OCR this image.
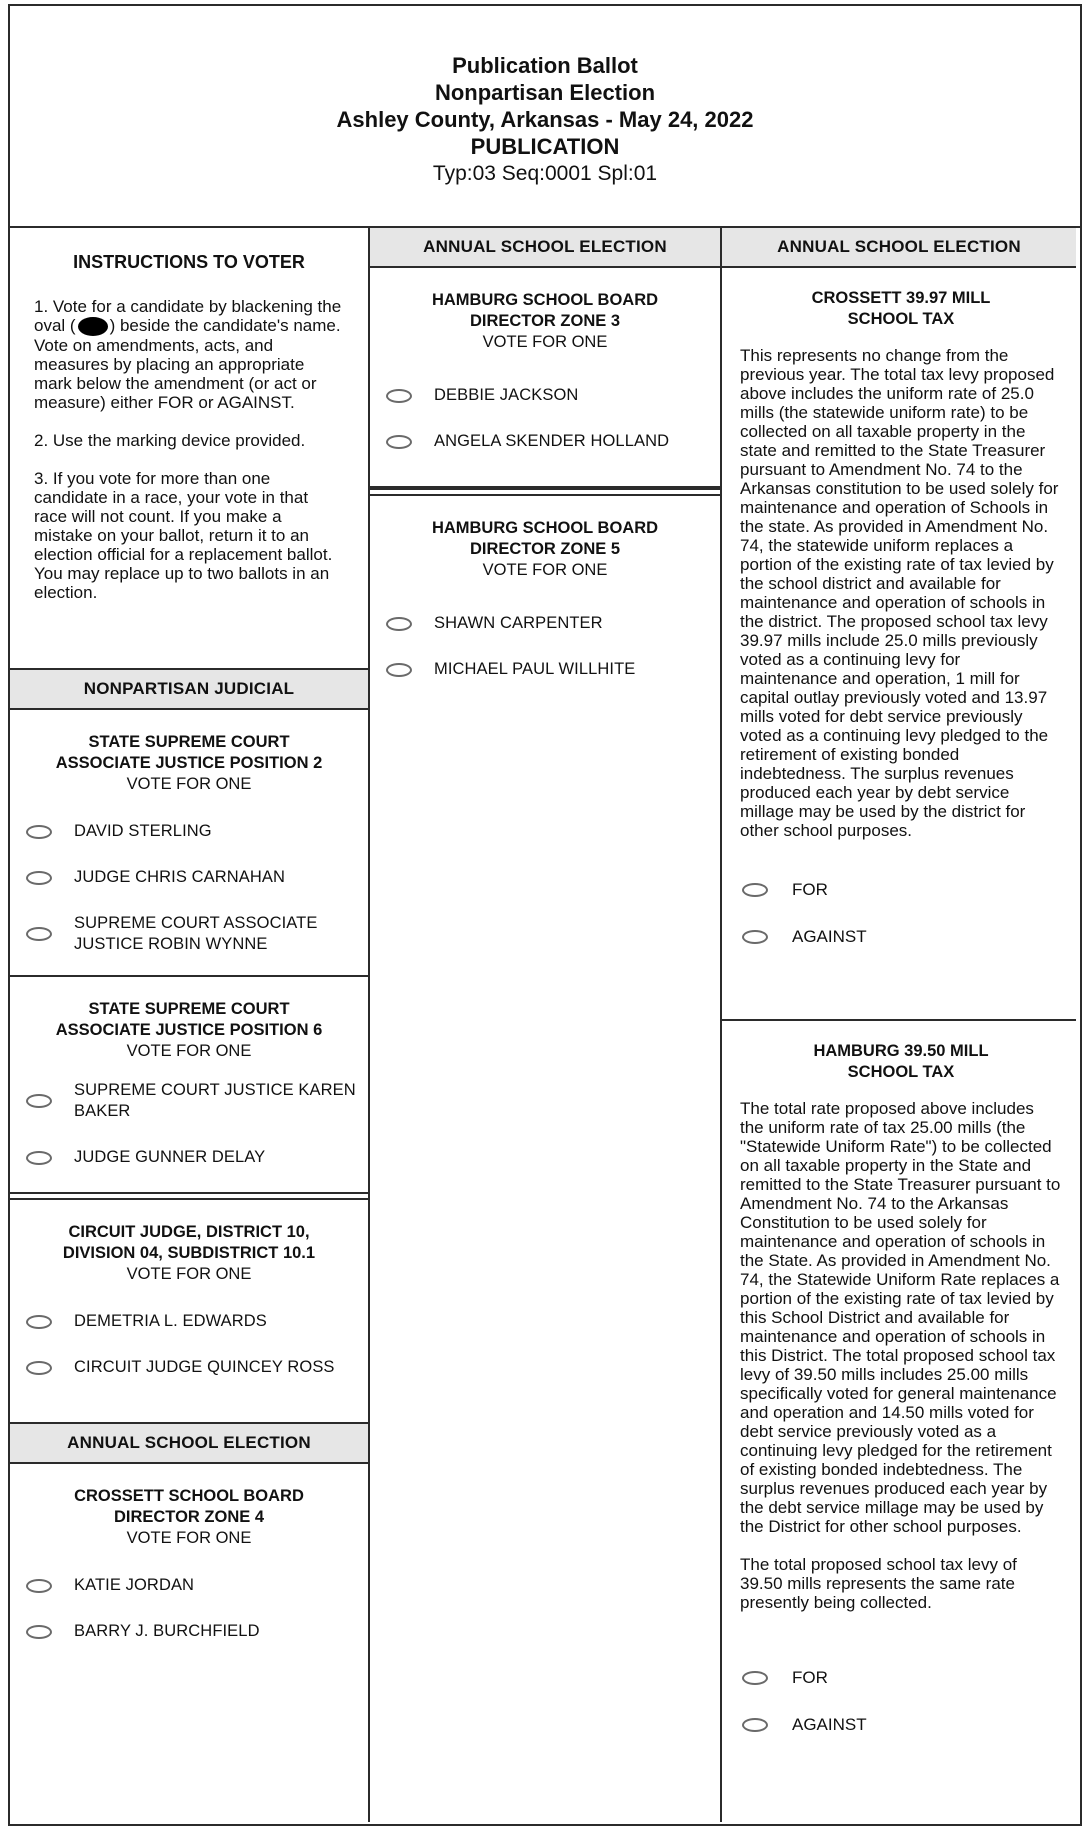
Publication Ballot
Nonpartisan Election
Ashley County, Arkansas - May 24, 2022
PUBLICATION
Typ:03 Seq:0001 Spl:01
INSTRUCTIONS TO VOTER

1. Vote for a candidate by blackening the oval ( ) beside the candidate's name. Vote on amendments, acts, and measures by placing an appropriate mark below the amendment (or act or measure) either FOR or AGAINST.

2. Use the marking device provided.

3. If you vote for more than one candidate in a race, your vote in that race will not count. If you make a mistake on your ballot, return it to an election official for a replacement ballot. You may replace up to two ballots in an election.

NONPARTISAN JUDICIAL
STATE SUPREME COURT
ASSOCIATE JUSTICE POSITION 2
VOTE FOR ONE
DAVID STERLING
JUDGE CHRIS CARNAHAN
SUPREME COURT ASSOCIATE JUSTICE ROBIN WYNNE
STATE SUPREME COURT
ASSOCIATE JUSTICE POSITION 6
VOTE FOR ONE
SUPREME COURT JUSTICE KAREN BAKER
JUDGE GUNNER DELAY
CIRCUIT JUDGE, DISTRICT 10,
DIVISION 04, SUBDISTRICT 10.1
VOTE FOR ONE
DEMETRIA L. EDWARDS
CIRCUIT JUDGE QUINCEY ROSS
ANNUAL SCHOOL ELECTION
CROSSETT SCHOOL BOARD
DIRECTOR ZONE 4
VOTE FOR ONE
KATIE JORDAN
BARRY J. BURCHFIELD
ANNUAL SCHOOL ELECTION
HAMBURG SCHOOL BOARD
DIRECTOR ZONE 3
VOTE FOR ONE
DEBBIE JACKSON
ANGELA SKENDER HOLLAND
HAMBURG SCHOOL BOARD
DIRECTOR ZONE 5
VOTE FOR ONE
SHAWN CARPENTER
MICHAEL PAUL WILLHITE
ANNUAL SCHOOL ELECTION
CROSSETT 39.97 MILL
SCHOOL TAX
This represents no change from the previous year. The total tax levy proposed above includes the uniform rate of 25.0 mills (the statewide uniform rate) to be collected on all taxable property in the state and remitted to the State Treasurer pursuant to Amendment No. 74 to the Arkansas constitution to be used solely for maintenance and operation of Schools in the state. As provided in Amendment No. 74, the statewide uniform replaces a portion of the existing rate of tax levied by the school district and available for maintenance and operation of schools in the district. The proposed school tax levy 39.97 mills include 25.0 mills previously voted as a continuing levy for maintenance and operation, 1 mill for capital outlay previously voted and 13.97 mills voted for debt service previously voted as a continuing levy pledged to the retirement of existing bonded indebtedness. The surplus revenues produced each year by debt service millage may be used by the district for other school purposes.
FOR
AGAINST
HAMBURG 39.50 MILL
SCHOOL TAX
The total rate proposed above includes the uniform rate of tax 25.00 mills (the "Statewide Uniform Rate") to be collected on all taxable property in the State and remitted to the State Treasurer pursuant to Amendment No. 74 to the Arkansas Constitution to be used solely for maintenance and operation of schools in the State. As provided in Amendment No. 74, the Statewide Uniform Rate replaces a portion of the existing rate of tax levied by this School District and available for maintenance and operation of schools in this District. The total proposed school tax levy of 39.50 mills includes 25.00 mills specifically voted for general maintenance and operation and 14.50 mills voted for debt service previously voted as a continuing levy pledged for the retirement of existing bonded indebtedness. The surplus revenues produced each year by the debt service millage may be used by the District for other school purposes.
The total proposed school tax levy of 39.50 mills represents the same rate presently being collected.
FOR
AGAINST
